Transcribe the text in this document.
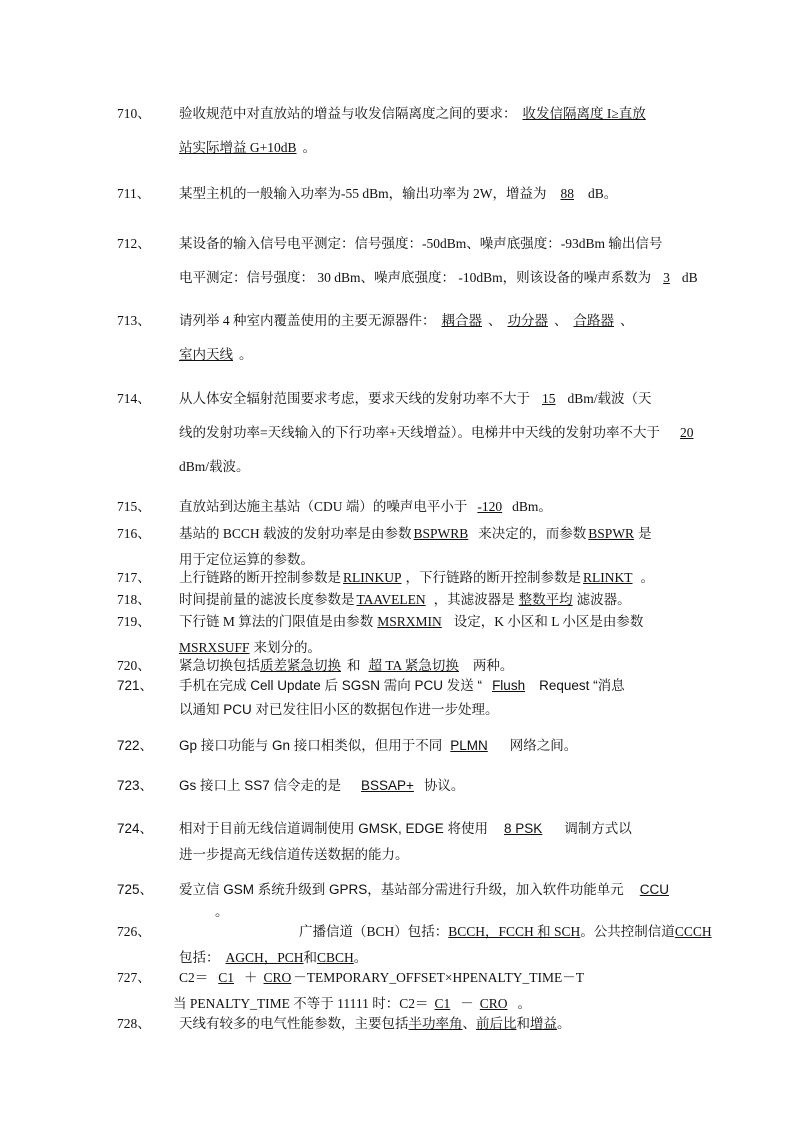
710、 验收规范中对直放站的增益与收发信隔离度之间的要求： 收发信隔离度 I≥直放
站实际增益 G+10dB 。
711、 某型主机的一般输入功率为-55 dBm，输出功率为 2W，增益为 88 dB。
712、 某设备的输入信号电平测定：信号强度：-50dBm、噪声底强度：-93dBm 输出信号
电平测定：信号强度： 30 dBm、噪声底强度： -10dBm，则该设备的噪声系数为 3 dB
713、 请列举 4 种室内覆盖使用的主要无源器件： 耦合器 、 功分器 、 合路器 、
室内天线 。
714、 从人体安全辐射范围要求考虑，要求天线的发射功率不大于 15 dBm/载波（天
线的发射功率=天线输入的下行功率+天线增益）。电梯井中天线的发射功率不大于 20
dBm/载波。
715、 直放站到达施主基站（CDU 端）的噪声电平小于 -120 dBm。
716、 基站的 BCCH 载波的发射功率是由参数 BSPWRB 来决定的，而参数 BSPWR 是
用于定位运算的参数。
717、 上行链路的断开控制参数是 RLINKUP ，下行链路的断开控制参数是 RLINKT 。
718、 时间提前量的滤波长度参数是 TAAVELEN ，其滤波器是 整数平均 滤波器。
719、 下行链 M 算法的门限值是由参数 MSRXMIN 设定，K 小区和 L 小区是由参数
MSRXSUFF 来划分的。
720、 紧急切换包括质差紧急切换 和 超 TA 紧急切换 两种。
721、 手机在完成 Cell Update 后 SGSN 需向 PCU 发送 “ Flush Request “消息
以通知 PCU 对已发往旧小区的数据包作进一步处理。
722、 Gp 接口功能与 Gn 接口相类似，但用于不同 PLMN 网络之间。
723、 Gs 接口上 SS7 信令走的是 BSSAP+ 协议。
724、 相对于目前无线信道调制使用 GMSK, EDGE 将使用 8 PSK 调制方式以
进一步提高无线信道传送数据的能力。
725、 爱立信 GSM 系统升级到 GPRS，基站部分需进行升级，加入软件功能单元 CCU
。
726、	广播信道（BCH）包括：BCCH，FCCH 和 SCH。公共控制信道CCCH
包括： AGCH，PCH和CBCH。
727、 C2＝ C1 ＋ CRO －TEMPORARY_OFFSET×HPENALTY_TIME－T
当 PENALTY_TIME 不等于 11111 时：C2＝ C1 － CRO 。
728、 天线有较多的电气性能参数，主要包括半功率角、前后比和增益。
